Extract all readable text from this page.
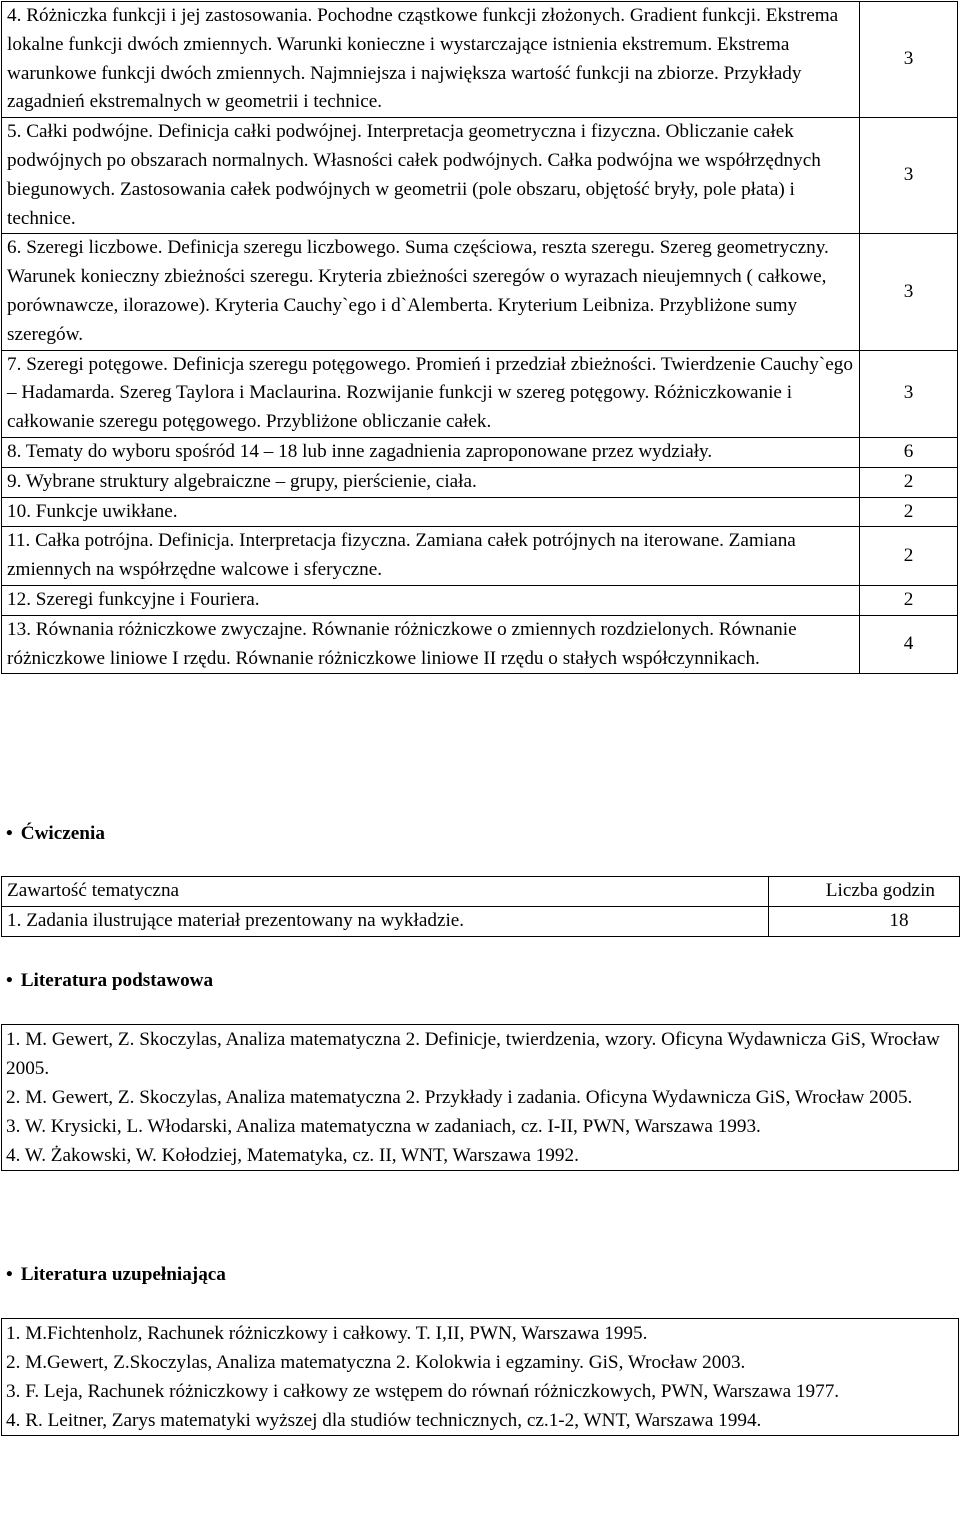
4. Różniczka funkcji i jej zastosowania. Pochodne cząstkowe funkcji złożonych. Gradient funkcji. Ekstrema lokalne funkcji dwóch zmiennych. Warunki konieczne i wystarczające istnienia ekstremum. Ekstrema warunkowe funkcji dwóch zmiennych. Najmniejsza i największa wartość funkcji na zbiorze. Przykłady zagadnień ekstremalnych w geometrii i technice.	3
5. Całki podwójne. Definicja całki podwójnej. Interpretacja geometryczna i fizyczna. Obliczanie całek podwójnych po obszarach normalnych. Własności całek podwójnych. Całka podwójna we współrzędnych biegunowych. Zastosowania całek podwójnych w geometrii (pole obszaru, objętość bryły, pole płata) i technice.	3
6. Szeregi liczbowe. Definicja szeregu liczbowego. Suma częściowa, reszta szeregu. Szereg geometryczny. Warunek konieczny zbieżności szeregu. Kryteria zbieżności szeregów o wyrazach nieujemnych ( całkowe, porównawcze, ilorazowe). Kryteria Cauchy`ego i d`Alemberta. Kryterium Leibniza. Przybliżone sumy szeregów.	3
7. Szeregi potęgowe. Definicja szeregu potęgowego. Promień i przedział zbieżności. Twierdzenie Cauchy`ego – Hadamarda. Szereg Taylora i Maclaurina. Rozwijanie funkcji w szereg potęgowy. Różniczkowanie i całkowanie szeregu potęgowego. Przybliżone obliczanie całek.	3
8. Tematy do wyboru spośród 14 – 18 lub inne zagadnienia zaproponowane przez wydziały.	6
9. Wybrane struktury algebraiczne – grupy, pierścienie, ciała.	2
10. Funkcje uwikłane.	2
11. Całka potrójna. Definicja. Interpretacja fizyczna. Zamiana całek potrójnych na iterowane. Zamiana zmiennych na współrzędne walcowe i sferyczne.	2
12. Szeregi funkcyjne i Fouriera.	2
13. Równania różniczkowe zwyczajne. Równanie różniczkowe o zmiennych rozdzielonych. Równanie różniczkowe liniowe I rzędu. Równanie różniczkowe liniowe II rzędu o stałych współczynnikach.	4
• Ćwiczenia
Zawartość tematyczna	Liczba godzin
1. Zadania ilustrujące materiał prezentowany na wykładzie.	18
• Literatura podstawowa
1. M. Gewert, Z. Skoczylas, Analiza matematyczna 2. Definicje, twierdzenia, wzory. Oficyna Wydawnicza GiS, Wrocław 2005.
2. M. Gewert, Z. Skoczylas, Analiza matematyczna 2. Przykłady i zadania. Oficyna Wydawnicza GiS, Wrocław 2005.
3. W. Krysicki, L. Włodarski, Analiza matematyczna w zadaniach, cz. I-II, PWN, Warszawa 1993.
4. W. Żakowski, W. Kołodziej, Matematyka, cz. II, WNT, Warszawa 1992.
• Literatura uzupełniająca
1. M.Fichtenholz, Rachunek różniczkowy i całkowy. T. I,II, PWN, Warszawa 1995.
2. M.Gewert, Z.Skoczylas, Analiza matematyczna 2. Kolokwia i egzaminy. GiS, Wrocław 2003.
3. F. Leja, Rachunek różniczkowy i całkowy ze wstępem do równań różniczkowych, PWN, Warszawa 1977.
4. R. Leitner, Zarys matematyki wyższej dla studiów technicznych, cz.1-2, WNT, Warszawa 1994.
